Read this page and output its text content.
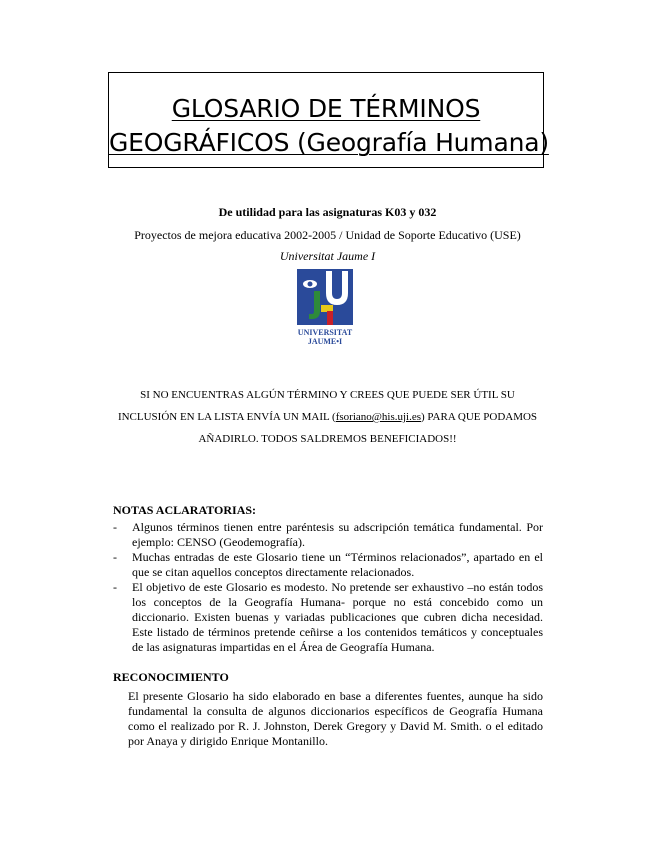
GLOSARIO DE TÉRMINOS
GEOGRÁFICOS (Geografía Humana)
De utilidad para las asignaturas K03 y 032
Proyectos de mejora educativa 2002-2005 / Unidad de Soporte Educativo (USE)
Universitat Jaume I
UNIVERSITAT
JAUME•I
SI NO ENCUENTRAS ALGÚN TÉRMINO Y CREES QUE PUEDE SER ÚTIL SU
INCLUSIÓN EN LA LISTA ENVÍA UN MAIL (fsoriano@his.uji.es) PARA QUE PODAMOS
AÑADIRLO. TODOS SALDREMOS BENEFICIADOS!!
NOTAS ACLARATORIAS:
- Algunos términos tienen entre paréntesis su adscripción temática fundamental. Por ejemplo: CENSO (Geodemografía).
- Muchas entradas de este Glosario tiene un “Términos relacionados”, apartado en el que se citan aquellos conceptos directamente relacionados.
- El objetivo de este Glosario es modesto. No pretende ser exhaustivo –no están todos los conceptos de la Geografía Humana- porque no está concebido como un diccionario. Existen buenas y variadas publicaciones que cubren dicha necesidad. Este listado de términos pretende ceñirse a los contenidos temáticos y conceptuales de las asignaturas impartidas en el Área de Geografía Humana.
RECONOCIMIENTO
El presente Glosario ha sido elaborado en base a diferentes fuentes, aunque ha sido fundamental la consulta de algunos diccionarios específicos de Geografía Humana como el realizado por R. J. Johnston, Derek Gregory y David M. Smith. o el editado por Anaya y dirigido Enrique Montanillo.
